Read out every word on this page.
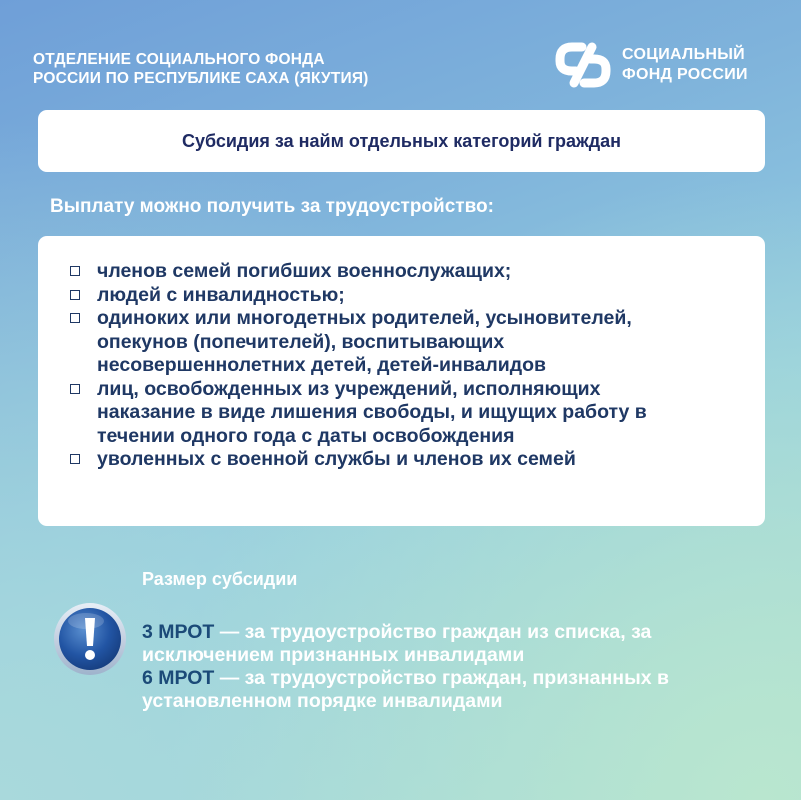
ОТДЕЛЕНИЕ СОЦИАЛЬНОГО ФОНДА
РОССИИ ПО РЕСПУБЛИКЕ САХА (ЯКУТИЯ)
СОЦИАЛЬНЫЙ
ФОНД РОССИИ
Субсидия за найм отдельных категорий граждан
Выплату можно получить за трудоустройство:
членов семей погибших военнослужащих;
людей с инвалидностью;
одиноких или многодетных родителей, усыновителей,
опекунов (попечителей), воспитывающих
несовершеннолетних детей, детей-инвалидов
лиц, освобожденных из учреждений, исполняющих
наказание в виде лишения свободы, и ищущих работу в
течении одного года с даты освобождения
уволенных с военной службы и членов их семей
Размер субсидии

3 МРОТ — за трудоустройство граждан из списка, за
исключением признанных инвалидами

6 МРОТ — за трудоустройство граждан, признанных в
установленном порядке инвалидами
